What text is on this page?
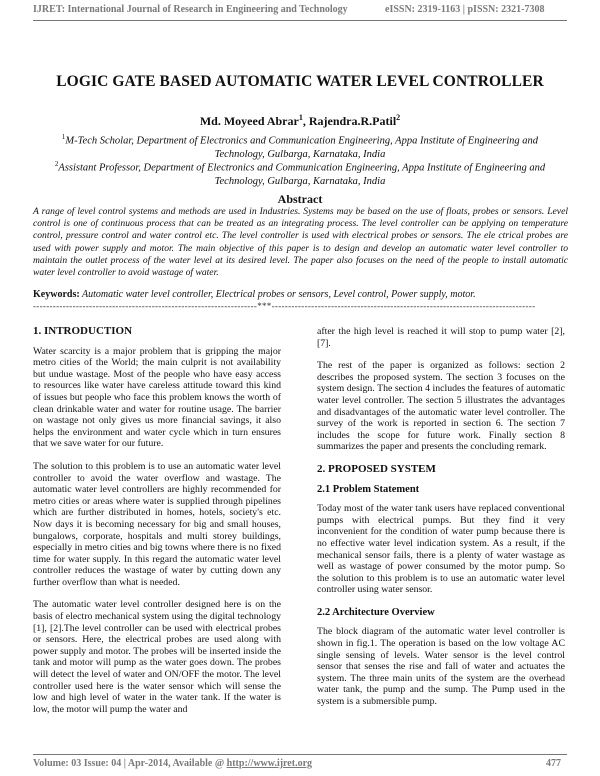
IJRET: International Journal of Research in Engineering and Technology	eISSN: 2319-1163 | pISSN: 2321-7308
LOGIC GATE BASED AUTOMATIC WATER LEVEL CONTROLLER
Md. Moyeed Abrar$^1$, Rajendra.R.Patil$^2$
$^1$M-Tech Scholar, Department of Electronics and Communication Engineering, Appa Institute of Engineering and Technology, Gulbarga, Karnataka, India
$^2$Assistant Professor, Department of Electronics and Communication Engineering, Appa Institute of Engineering and Technology, Gulbarga, Karnataka, India
Abstract
A range of level control systems and methods are used in Industries. Systems may be based on the use of floats, probes or sensors. Level control is one of continuous process that can be treated as an integrating process. The level controller can be applying on temperature control, pressure control and water control etc. The level controller is used with electrical probes or sensors. The ele ctrical probes are used with power supply and motor. The main objective of this paper is to design and develop an automatic water level controller to maintain the outlet process of the water level at its desired level. The paper also focuses on the need of the people to install automatic water level controller to avoid wastage of water.
Keywords: Automatic water level controller, Electrical probes or sensors, Level control, Power supply, motor.
--------------------------------------------------------------------***--------------------------------------------------------------------------------
1. INTRODUCTION

Water scarcity is a major problem that is gripping the major metro cities of the World; the main culprit is not availability but undue wastage. Most of the people who have easy access to resources like water have careless attitude toward this kind of issues but people who face this problem knows the worth of clean drinkable water and water for routine usage. The barrier on wastage not only gives us more financial savings, it also helps the environment and water cycle which in turn ensures that we save water for our future.

The solution to this problem is to use an automatic water level controller to avoid the water overflow and wastage. The automatic water level controllers are highly recommended for metro cities or areas where water is supplied through pipelines which are further distributed in homes, hotels, society's etc. Now days it is becoming necessary for big and small houses, bungalows, corporate, hospitals and multi storey buildings, especially in metro cities and big towns where there is no fixed time for water supply. In this regard the automatic water level controller reduces the wastage of water by cutting down any further overflow than what is needed.

The automatic water level controller designed here is on the basis of electro mechanical system using the digital technology [1], [2].The level controller can be used with electrical probes or sensors. Here, the electrical probes are used along with power supply and motor. The probes will be inserted inside the tank and motor will pump as the water goes down. The probes will detect the level of water and ON/OFF the motor. The level controller used here is the water sensor which will sense the low and high level of water in the water tank. If the water is low, the motor will pump the water and

after the high level is reached it will stop to pump water [2], [7].

The rest of the paper is organized as follows: section 2 describes the proposed system. The section 3 focuses on the system design. The section 4 includes the features of automatic water level controller. The section 5 illustrates the advantages and disadvantages of the automatic water level controller. The survey of the work is reported in section 6. The section 7 includes the scope for future work. Finally section 8 summarizes the paper and presents the concluding remark.

2. PROPOSED SYSTEM
2.1 Problem Statement

Today most of the water tank users have replaced conventional pumps with electrical pumps. But they find it very inconvenient for the condition of water pump because there is no effective water level indication system. As a result, if the mechanical sensor fails, there is a plenty of water wastage as well as wastage of power consumed by the motor pump. So the solution to this problem is to use an automatic water level controller using water sensor.

2.2 Architecture Overview

The block diagram of the automatic water level controller is shown in fig.1. The operation is based on the low voltage AC single sensing of levels. Water sensor is the level control sensor that senses the rise and fall of water and actuates the system. The three main units of the system are the overhead water tank, the pump and the sump. The Pump used in the system is a submersible pump.

Volume: 03 Issue: 04 | Apr-2014, Available @ http://www.ijret.org	477
